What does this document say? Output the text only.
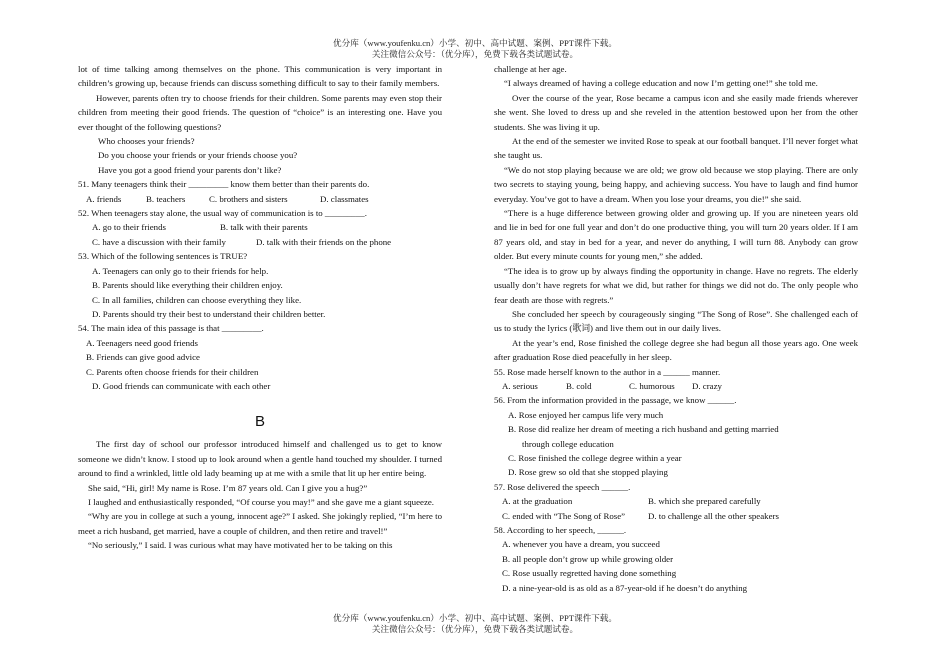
优分库（www.youfenku.cn）小学、初中、高中试题、案例、PPT课件下载。
关注微信公众号：（优分库），免费下载各类试题试卷。

lot of time talking among themselves on the phone. This communication is very important in children’s growing up, because friends can discuss something difficult to say to their family members.

However, parents often try to choose friends for their children. Some parents may even stop their children from meeting their good friends. The question of “choice” is an interesting one. Have you ever thought of the following questions?

Who chooses your friends?

Do you choose your friends or your friends choose you?

Have you got a good friend your parents don’t like?

51. Many teenagers think their _________ know them better than their parents do.

A. friends	B. teachers	C. brothers and sisters	D. classmates

52. When teenagers stay alone, the usual way of communication is to _________.

A. go to their friends	B. talk with their parents
C. have a discussion with their family	D. talk with their friends on the phone

53. Which of the following sentences is TRUE?

A. Teenagers can only go to their friends for help.

B. Parents should like everything their children enjoy.

C. In all families, children can choose everything they like.

D. Parents should try their best to understand their children better.

54. The main idea of this passage is that _________.

A. Teenagers need good friends

B. Friends can give good advice

C. Parents often choose friends for their children

D. Good friends can communicate with each other

B

The first day of school our professor introduced himself and challenged us to get to know someone we didn’t know. I stood up to look around when a gentle hand touched my shoulder. I turned around to find a wrinkled, little old lady beaming up at me with a smile that lit up her entire being.

She said, “Hi, girl! My name is Rose. I’m 87 years old. Can I give you a hug?”

I laughed and enthusiastically responded, “Of course you may!” and she gave me a giant squeeze.

“Why are you in college at such a young, innocent age?” I asked. She jokingly replied, “I’m here to meet a rich husband, get married, have a couple of children, and then retire and travel!”

“No seriously,” I said. I was curious what may have motivated her to be taking on this

challenge at her age.

“I always dreamed of having a college education and now I’m getting one!” she told me.

Over the course of the year, Rose became a campus icon and she easily made friends wherever she went. She loved to dress up and she reveled in the attention bestowed upon her from the other students. She was living it up.

At the end of the semester we invited Rose to speak at our football banquet. I’ll never forget what she taught us.

“We do not stop playing because we are old; we grow old because we stop playing. There are only two secrets to staying young, being happy, and achieving success. You have to laugh and find humor everyday. You’ve got to have a dream. When you lose your dreams, you die!” she said.

“There is a huge difference between growing older and growing up. If you are nineteen years old and lie in bed for one full year and don’t do one productive thing, you will turn 20 years older. If I am 87 years old, and stay in bed for a year, and never do anything, I will turn 88. Anybody can grow older. But every minute counts for young men,” she added.

“The idea is to grow up by always finding the opportunity in change. Have no regrets. The elderly usually don’t have regrets for what we did, but rather for things we did not do. The only people who fear death are those with regrets.”

She concluded her speech by courageously singing “The Song of Rose”. She challenged each of us to study the lyrics (歌词) and live them out in our daily lives.

At the year’s end, Rose finished the college degree she had begun all those years ago. One week after graduation Rose died peacefully in her sleep.

55. Rose made herself known to the author in a ______ manner.

A. serious	B. cold	C. humorous	D. crazy

56. From the information provided in the passage, we know ______.

A. Rose enjoyed her campus life very much

B. Rose did realize her dream of meeting a rich husband and getting married

through college education

C. Rose finished the college degree within a year

D. Rose grew so old that she stopped playing

57. Rose delivered the speech ______.

A. at the graduation	B. which she prepared carefully
C. ended with “The Song of Rose”	D. to challenge all the other speakers

58. According to her speech, ______.

A. whenever you have a dream, you succeed

B. all people don’t grow up while growing older

C. Rose usually regretted having done something

D. a nine-year-old is as old as a 87-year-old if he doesn’t do anything

优分库（www.youfenku.cn）小学、初中、高中试题、案例、PPT课件下载。
关注微信公众号：（优分库），免费下载各类试题试卷。
